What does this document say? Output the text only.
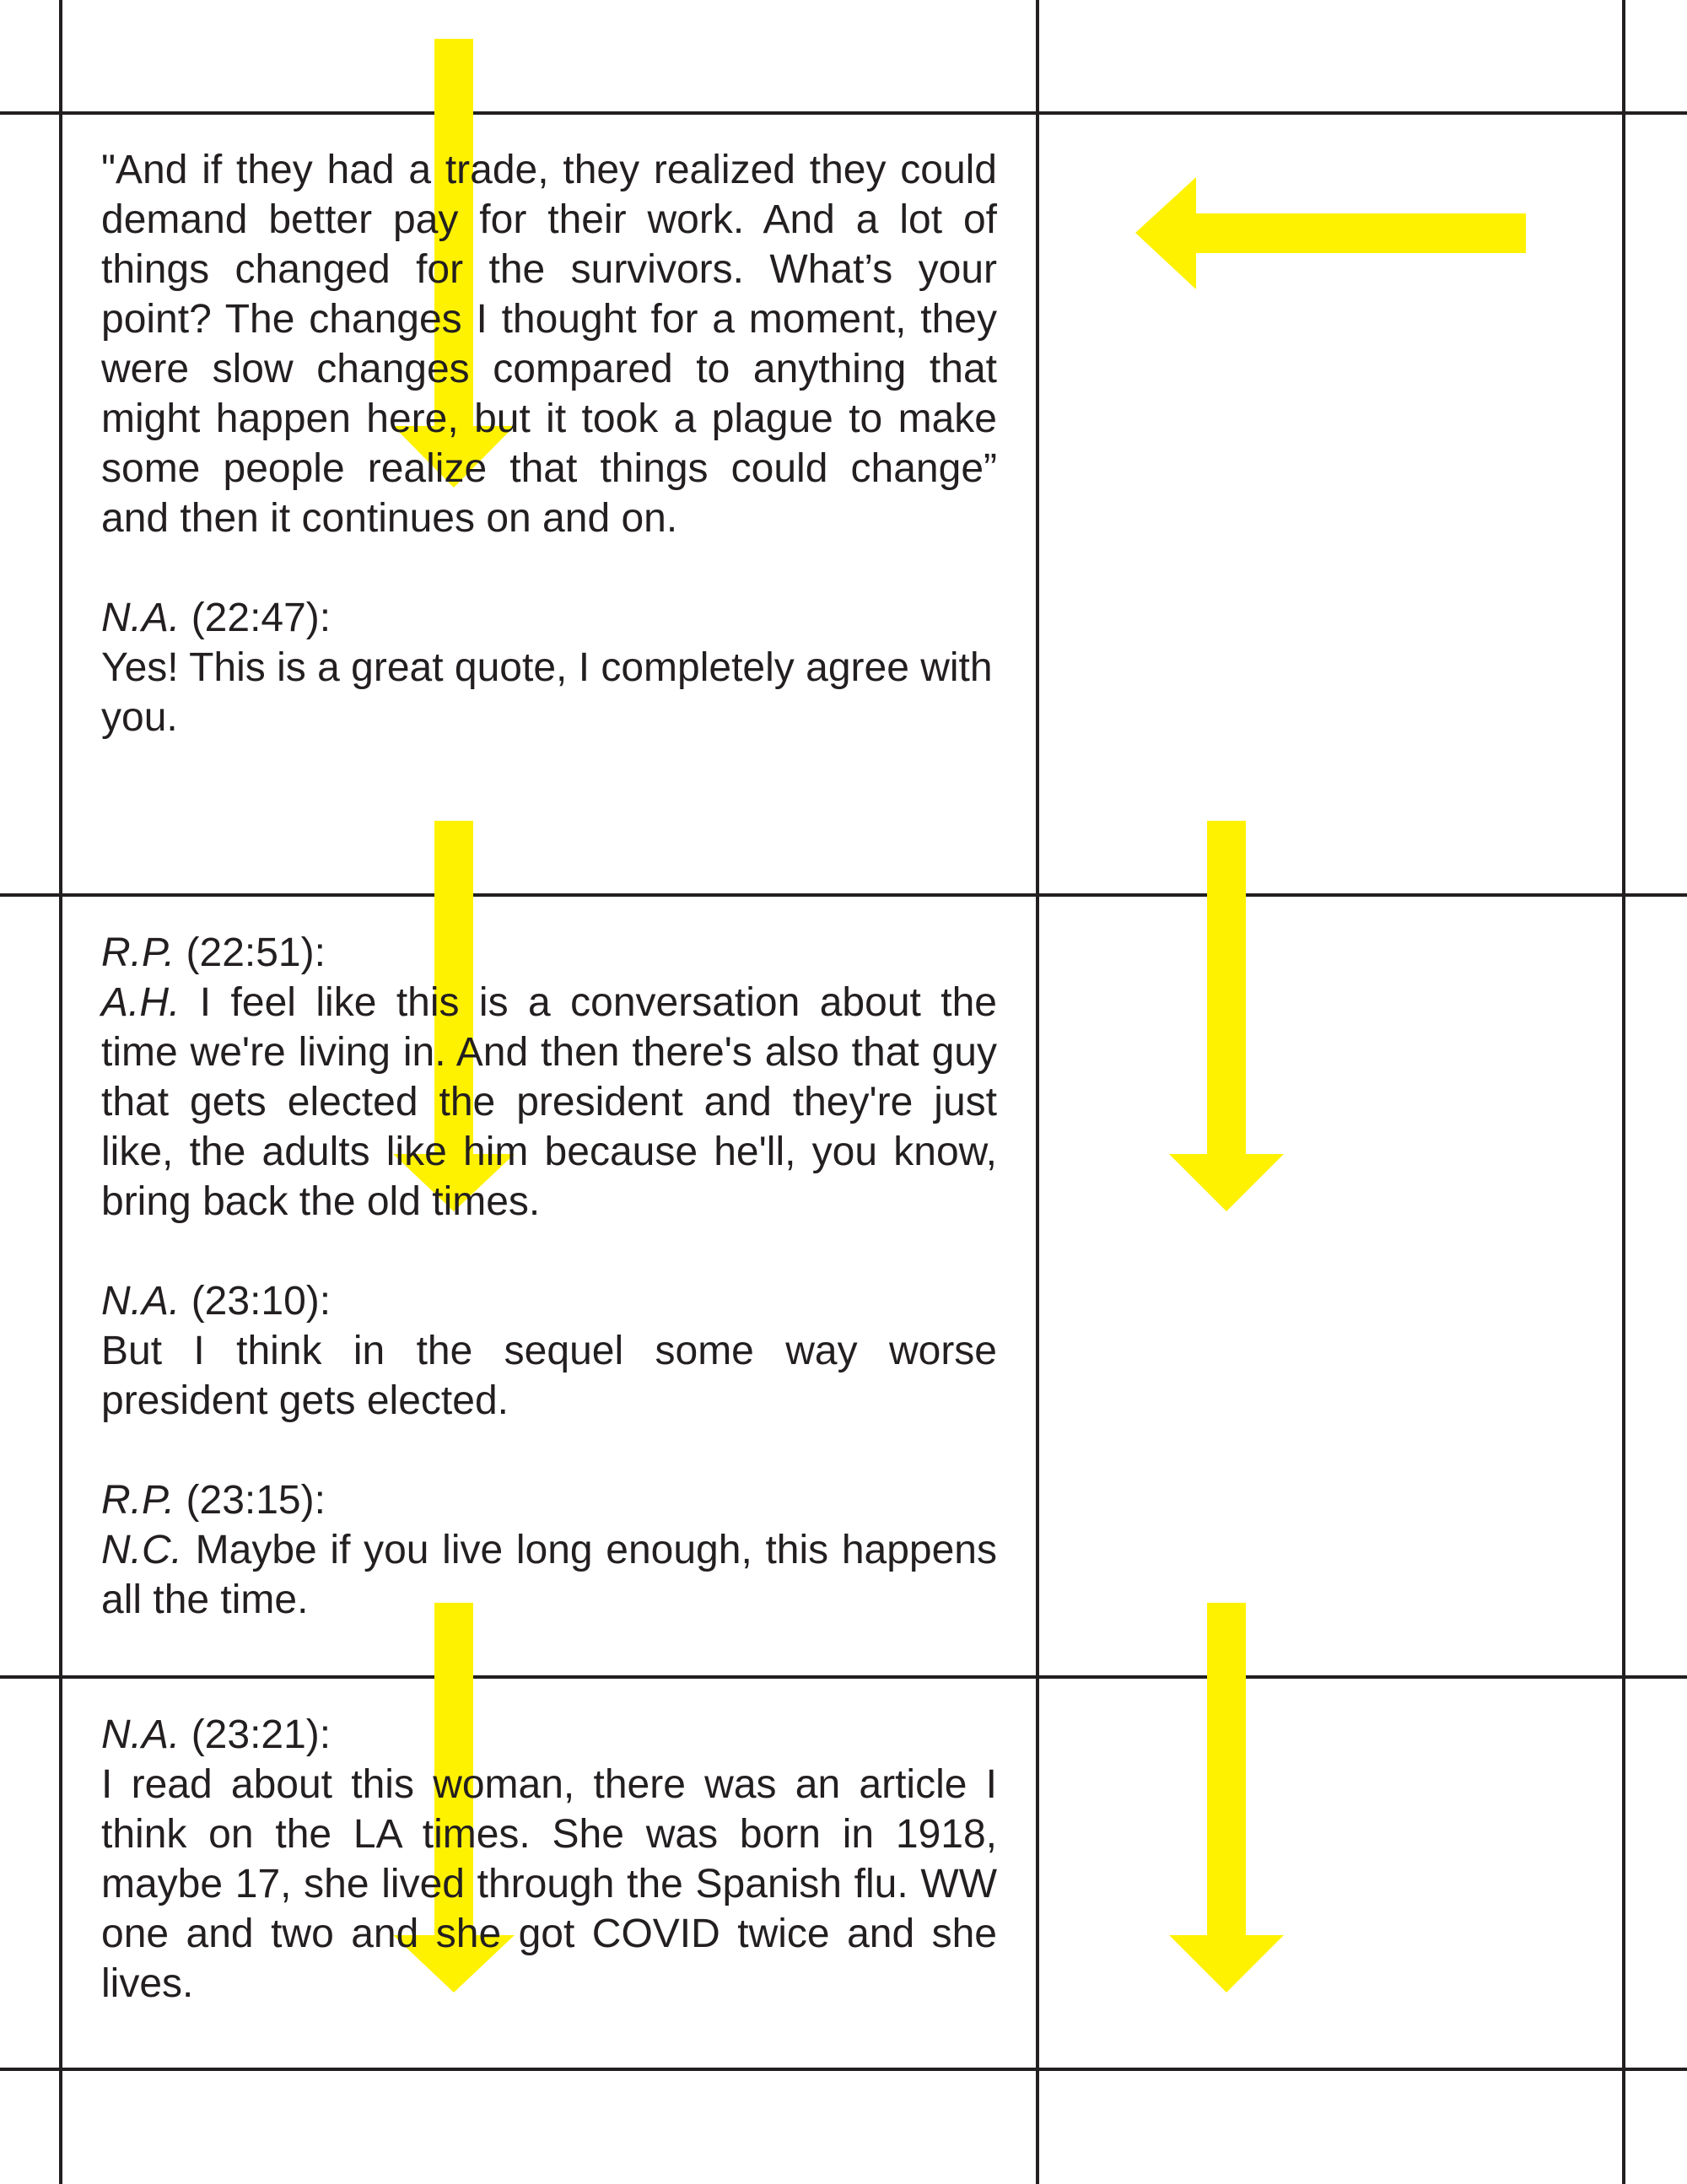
"And if they had a trade, they realized they could demand better pay for their work. And a lot of things changed for the survivors. What’s your point? The changes I thought for a moment, they were slow changes compared to anything that might happen here, but it took a plague to make some people realize that things could change” and then it continues on and on.

N.A. (22:47):

Yes! This is a great quote, I completely agree with you.

R.P. (22:51):

A.H. I feel like this is a conversation about the time we're living in. And then there's also that guy that gets elected the president and they're just like, the adults like him because he'll, you know, bring back the old times.

N.A. (23:10):

But I think in the sequel some way worse president gets elected.

R.P. (23:15):

N.C. Maybe if you live long enough, this happens all the time.

N.A. (23:21):

I read about this woman, there was an article I think on the LA times. She was born in 1918, maybe 17, she lived through the Spanish flu. WW one and two and she got COVID twice and she lives.
